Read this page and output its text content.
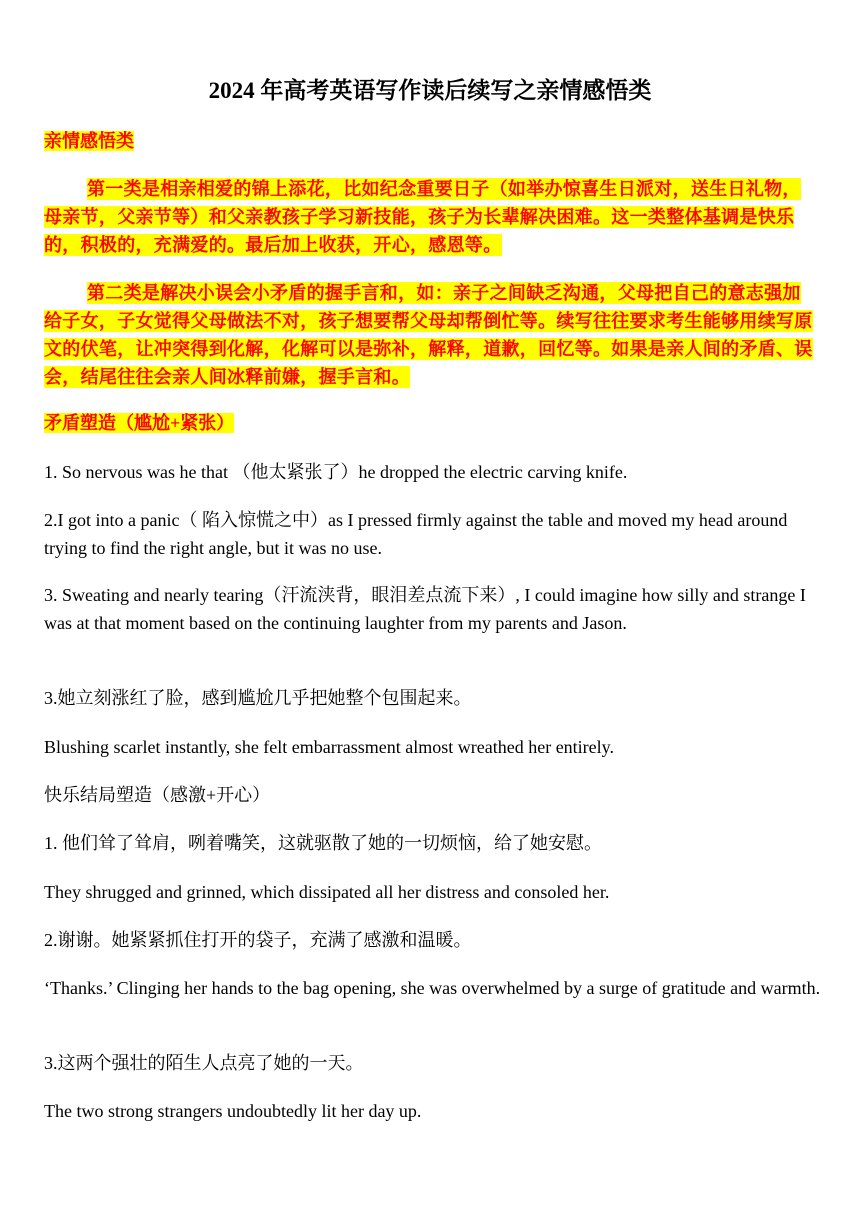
2024 年高考英语写作读后续写之亲情感悟类
亲情感悟类
第一类是相亲相爱的锦上添花，比如纪念重要日子（如举办惊喜生日派对，送生日礼物，母亲节，父亲节等）和父亲教孩子学习新技能，孩子为长辈解决困难。这一类整体基调是快乐的，积极的，充满爱的。最后加上收获，开心，感恩等。
第二类是解决小误会小矛盾的握手言和，如：亲子之间缺乏沟通，父母把自己的意志强加给子女，子女觉得父母做法不对，孩子想要帮父母却帮倒忙等。续写往往要求考生能够用续写原文的伏笔，让冲突得到化解，化解可以是弥补，解释，道歉，回忆等。如果是亲人间的矛盾、误会，结尾往往会亲人间冰释前嫌，握手言和。
矛盾塑造（尴尬+紧张）
1. So nervous was he that （他太紧张了）he dropped the electric carving knife.
2.I got into a panic（ 陷入惊慌之中）as I pressed firmly against the table and moved my head around trying to find the right angle, but it was no use.
3. Sweating and nearly tearing（汗流浃背，眼泪差点流下来）, I could imagine how silly and strange I was at that moment based on the continuing laughter from my parents and Jason.
3.她立刻涨红了脸，感到尴尬几乎把她整个包围起来。
Blushing scarlet instantly, she felt embarrassment almost wreathed her entirely.
快乐结局塑造（感激+开心）
1. 他们耸了耸肩，咧着嘴笑，这就驱散了她的一切烦恼，给了她安慰。
They shrugged and grinned, which dissipated all her distress and consoled her.
2.谢谢。她紧紧抓住打开的袋子，充满了感激和温暖。
‘Thanks.’ Clinging her hands to the bag opening, she was overwhelmed by a surge of gratitude and warmth.
3.这两个强壮的陌生人点亮了她的一天。
The two strong strangers undoubtedly lit her day up.
